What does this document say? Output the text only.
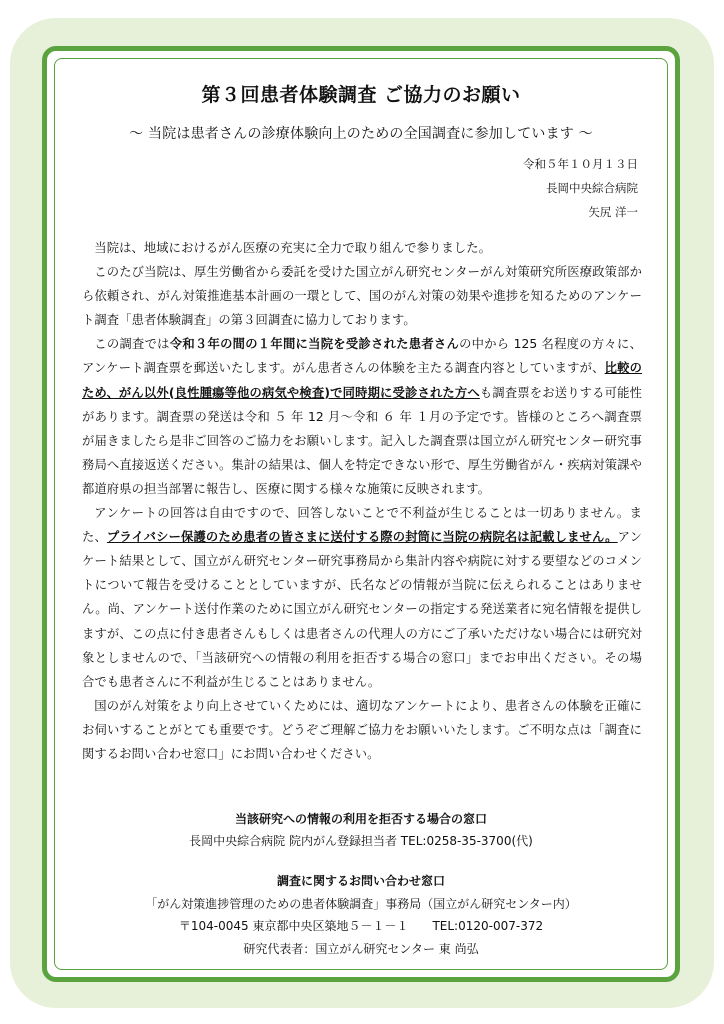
第３回患者体験調査 ご協力のお願い
～ 当院は患者さんの診療体験向上のための全国調査に参加しています ～
令和５年１０月１３日
長岡中央綜合病院
矢尻 洋一

当院は、地域におけるがん医療の充実に全力で取り組んで参りました。

このたび当院は、厚生労働省から委託を受けた国立がん研究センターがん対策研究所医療政策部から依頼され、がん対策推進基本計画の一環として、国のがん対策の効果や進捗を知るためのアンケート調査「患者体験調査」の第３回調査に協力しております。

この調査では令和３年の間の１年間に当院を受診された患者さんの中から 125 名程度の方々に、アンケート調査票を郵送いたします。がん患者さんの体験を主たる調査内容としていますが、比較のため、がん以外(良性腫瘍等他の病気や検査)で同時期に受診された方へも調査票をお送りする可能性があります。調査票の発送は令和 ５ 年 12 月～令和 ６ 年 １月の予定です。皆様のところへ調査票が届きましたら是非ご回答のご協力をお願いします。記入した調査票は国立がん研究センター研究事務局へ直接返送ください。集計の結果は、個人を特定できない形で、厚生労働省がん・疾病対策課や都道府県の担当部署に報告し、医療に関する様々な施策に反映されます。

アンケートの回答は自由ですので、回答しないことで不利益が生じることは一切ありません。また、プライバシー保護のため患者の皆さまに送付する際の封筒に当院の病院名は記載しません。アンケート結果として、国立がん研究センター研究事務局から集計内容や病院に対する要望などのコメントについて報告を受けることとしていますが、氏名などの情報が当院に伝えられることはありません。尚、アンケート送付作業のために国立がん研究センターの指定する発送業者に宛名情報を提供しますが、この点に付き患者さんもしくは患者さんの代理人の方にご了承いただけない場合には研究対象としませんので、「当該研究への情報の利用を拒否する場合の窓口」までお申出ください。その場合でも患者さんに不利益が生じることはありません。

国のがん対策をより向上させていくためには、適切なアンケートにより、患者さんの体験を正確にお伺いすることがとても重要です。どうぞご理解ご協力をお願いいたします。ご不明な点は「調査に関するお問い合わせ窓口」にお問い合わせください。

当該研究への情報の利用を拒否する場合の窓口
長岡中央綜合病院 院内がん登録担当者 TEL:0258-35-3700(代)
調査に関するお問い合わせ窓口
「がん対策進捗管理のための患者体験調査」事務局（国立がん研究センター内）
〒104-0045 東京都中央区築地５－１－１　　TEL:0120-007-372
研究代表者：国立がん研究センター 東 尚弘
